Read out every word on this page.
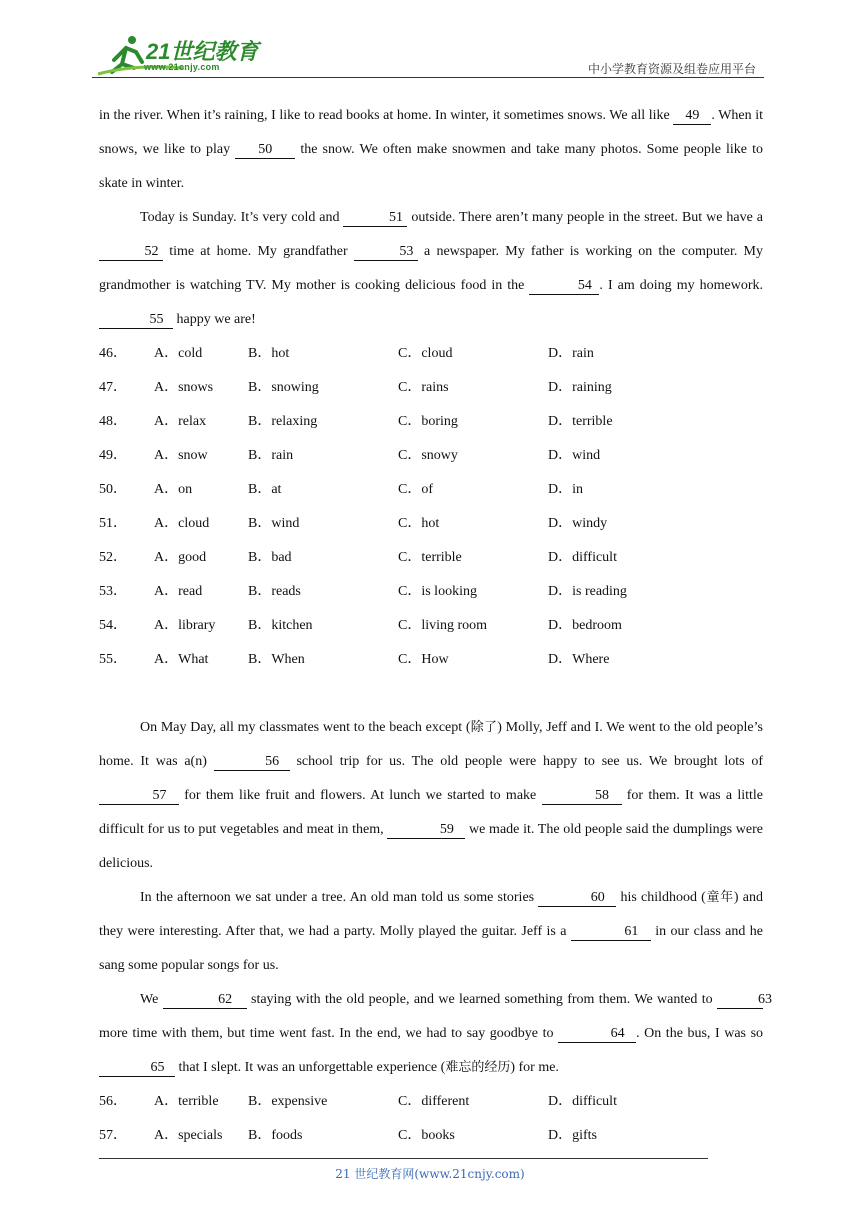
21世纪教育
www.21cnjy.com	中小学教育资源及组卷应用平台

in the river. When it’s raining, I like to read books at home. In winter, it sometimes snows. We all like 49 . When it snows, we like to play 50 the snow. We often make snowmen and take many photos. Some people like to skate in winter.

Today is Sunday. It’s very cold and	51 outside. There aren’t many people in the street. But we have a 52 time at home. My grandfather	53 a newspaper. My father is working on the computer. My grandmother is watching TV. My mother is cooking delicious food in the	54 . I am doing my homework. 55 happy we are!

46．	A．cold	B．hot	C．cloud	D．rain
47．	A．snows	B．snowing	C．rains	D．raining
48．	A．relax	B．relaxing	C．boring	D．terrible
49．	A．snow	B．rain	C．snowy	D．wind
50．	A．on	B．at	C．of	D．in
51．	A．cloud	B．wind	C．hot	D．windy
52．	A．good	B．bad	C．terrible	D．difficult
53．	A．read	B．reads	C．is looking	D．is reading
54．	A．library	B．kitchen	C．living room	D．bedroom
55．	A．What	B．When	C．How	D．Where

On May Day, all my classmates went to the beach except (除了) Molly, Jeff and I. We went to the old people’s home. It was a(n)	56 school trip for us. The old people were happy to see us. We brought lots of 57 for them like fruit and flowers. At lunch we started to make	58 for them. It was a little difficult for us to put vegetables and meat in them,	59 we made it. The old people said the dumplings were delicious.

In the afternoon we sat under a tree. An old man told us some stories	60 his childhood (童年) and they were interesting. After that, we had a party. Molly played the guitar. Jeff is a	61 in our class and he sang some popular songs for us.

We	62 staying with the old people, and we learned something from them. We wanted to	63 more time with them, but time went fast. In the end, we had to say goodbye to	64 . On the bus, I was so 65 that I slept. It was an unforgettable experience (难忘的经历) for me.

56．	A．terrible	B．expensive	C．different	D．difficult
57．	A．specials	B．foods	C．books	D．gifts
21 世纪教育网(www.21cnjy.com)
